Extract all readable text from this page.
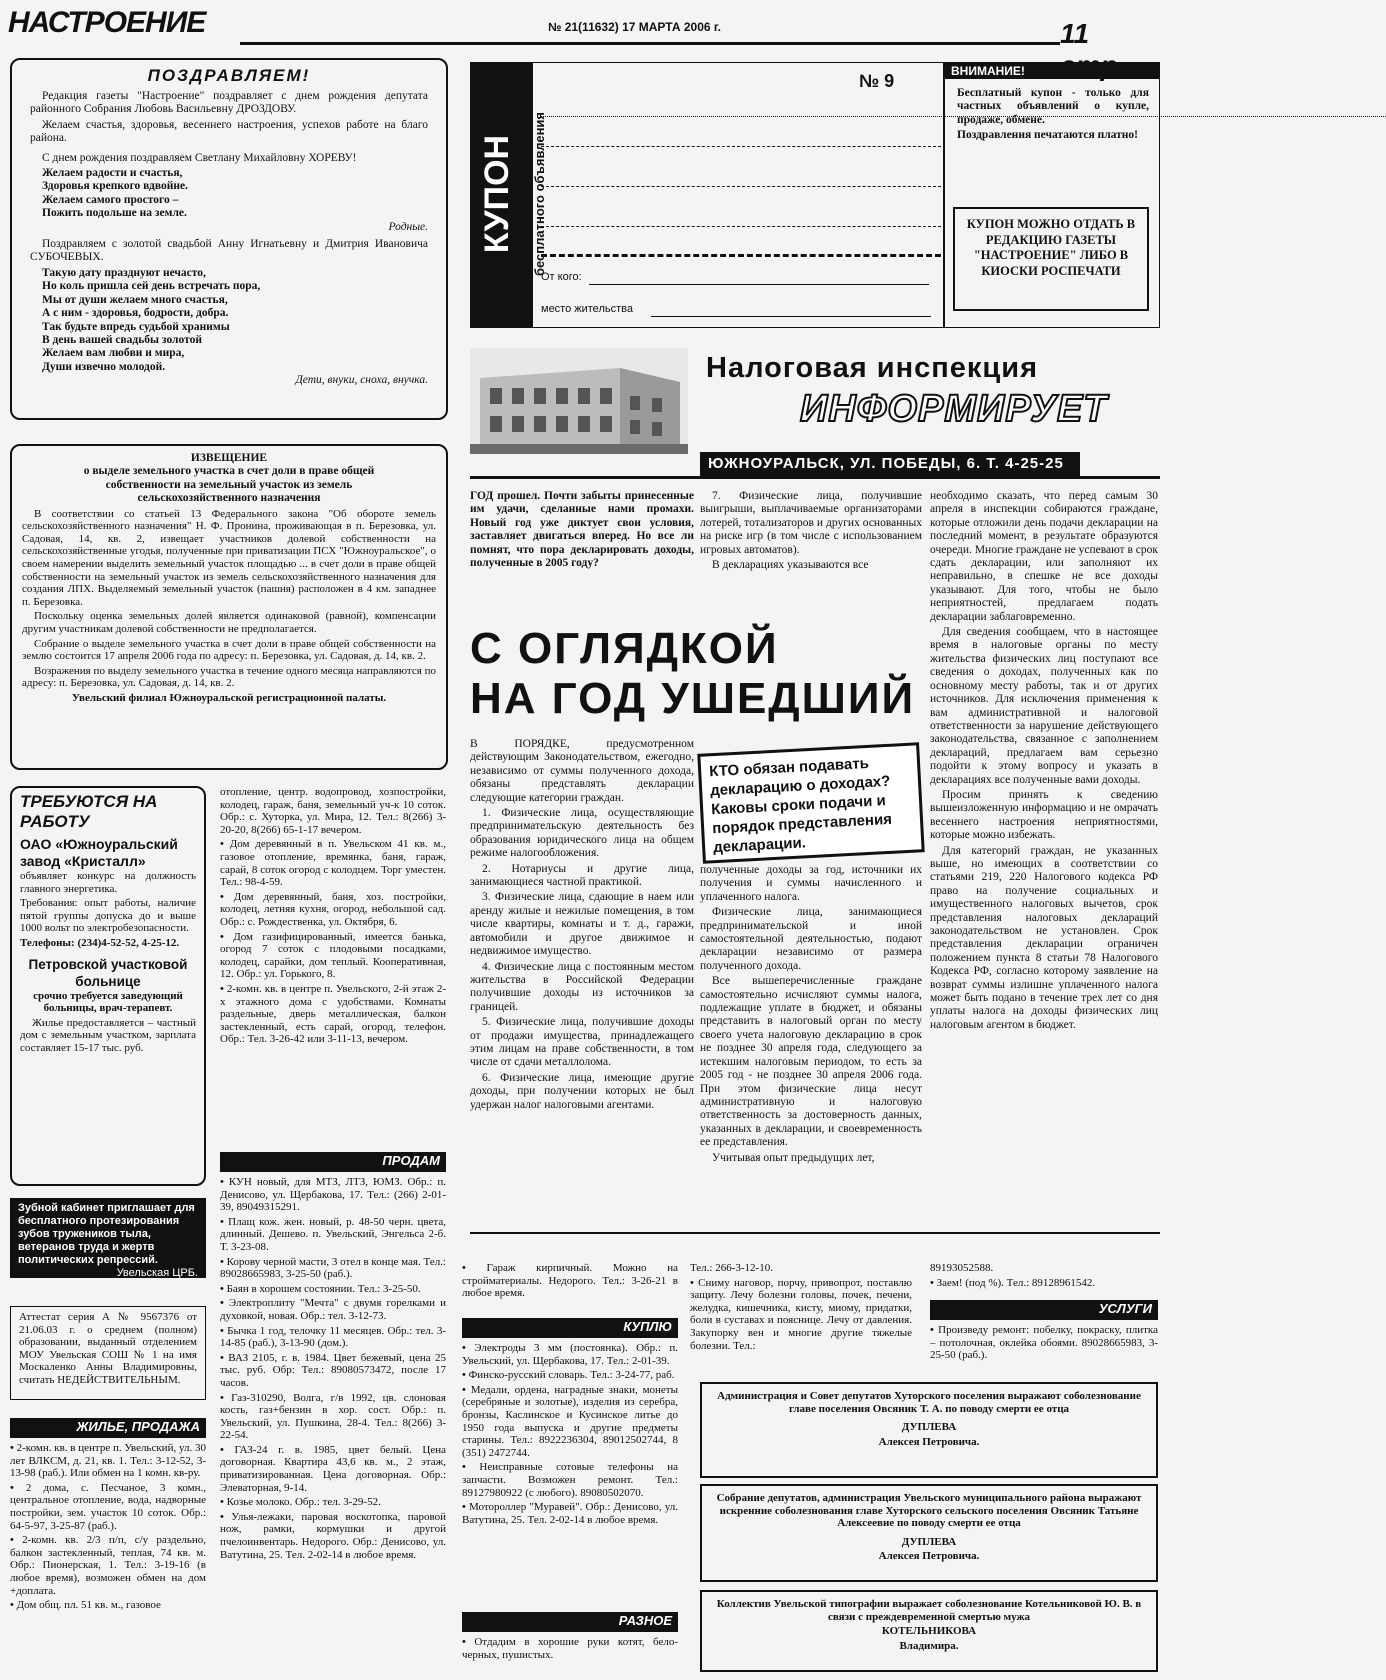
НАСТРОЕНИЕ	№ 21(11632) 17 МАРТА 2006 г.	11
ПОЗДРАВЛЯЕМ!

Редакция газеты "Настроение" поздравляет с днем рождения депутата районного Собрания Любовь Васильевну ДРОЗДОВУ.

Желаем счастья, здоровья, весеннего настроения, успехов работе на благо района.

С днем рождения поздравляем Светлану Михайловну ХОРЕВУ!

Желаем радости и счастья,
Здоровья крепкого вдвойне.
Желаем самого простого –
Пожить подольше на земле.

Родные.

Поздравляем с золотой свадьбой Анну Игнатьевну и Дмитрия Ивановича СУБОЧЕВЫХ.

Такую дату празднуют нечасто,
Но коль пришла сей день встречать пора,
Мы от души желаем много счастья,
А с ним - здоровья, бодрости, добра.
Так будьте впредь судьбой хранимы
В день вашей свадьбы золотой
Желаем вам любви и мира,
Души извечно молодой.

Дети, внуки, сноха, внучка.

ИЗВЕЩЕНИЕ
о выделе земельного участка в счет доли в праве общей собственности на земельный участок из земель сельскохозяйственного назначения

В соответствии со статьей 13 Федерального закона "Об обороте земель сельскохозяйственного назначения" Н. Ф. Пронина, проживающая в п. Березовка, ул. Садовая, 14, кв. 2, извещает участников долевой собственности на сельскохозяйственные угодья, полученные при приватизации ПСХ "Южноуральское", о своем намерении выделить земельный участок площадью ... в счет доли в праве общей собственности на земельный участок из земель сельскохозяйственного назначения для создания ЛПХ. Выделяемый земельный участок (пашня) расположен в 4 км. западнее п. Березовка.

Поскольку оценка земельных долей является одинаковой (равной), компенсации другим участникам долевой собственности не предполагается.

Собрание о выделе земельного участка в счет доли в праве общей собственности на землю состоится 17 апреля 2006 года по адресу: п. Березовка, ул. Садовая, д. 14, кв. 2.

Возражения по выделу земельного участка в течение одного месяца направляются по адресу: п. Березовка, ул. Садовая, д. 14, кв. 2.

Увельский филиал Южноуральской регистрационной палаты.

КУПОН	бесплатного объявления
№ 9
От кого:
место жительства
ВНИМАНИЕ!

Бесплатный купон - только для частных объявлений о купле, продаже, обмене.

Поздравления печатаются платно!

КУПОН МОЖНО ОТДАТЬ В РЕДАКЦИЮ ГАЗЕТЫ "НАСТРОЕНИЕ" ЛИБО В КИОСКИ РОСПЕЧАТИ
Налоговая инспекция
ИНФОРМИРУЕТ
ЮЖНОУРАЛЬСК, УЛ. ПОБЕДЫ, 6. Т. 4-25-25
ГОД прошел. Почти забыты принесенные им удачи, сделанные нами промахи. Новый год уже диктует свои условия, заставляет двигаться вперед. Но все ли помнят, что пора декларировать доходы, полученные в 2005 году?

7. Физические лица, получившие выигрыши, выплачиваемые организаторами лотерей, тотализаторов и других основанных на риске игр (в том числе с использованием игровых автоматов).

В декларациях указываются все

С ОГЛЯДКОЙ
НА ГОД УШЕДШИЙ
КТО обязан подавать декларацию о доходах? Каковы сроки подачи и порядок представления декларации.

В ПОРЯДКЕ, предусмотренном действующим Законодательством, ежегодно, независимо от суммы полученного дохода, обязаны представлять декларации следующие категории граждан.

1. Физические лица, осуществляющие предпринимательскую деятельность без образования юридического лица на общем режиме налогообложения.

2. Нотариусы и другие лица, занимающиеся частной практикой.

3. Физические лица, сдающие в наем или аренду жилые и нежилые помещения, в том числе квартиры, комнаты и т. д., гаражи, автомобили и другое движимое и недвижимое имущество.

4. Физические лица с постоянным местом жительства в Российской Федерации получившие доходы из источников за границей.

5. Физические лица, получившие доходы от продажи имущества, принадлежащего этим лицам на праве собственности, в том числе от сдачи металлолома.

6. Физические лица, имеющие другие доходы, при получении которых не был удержан налог налоговыми агентами.

полученные доходы за год, источники их получения и суммы начисленного и уплаченного налога.

Физические лица, занимающиеся предпринимательской и иной самостоятельной деятельностью, подают декларации независимо от размера полученного дохода.

Все вышеперечисленные граждане самостоятельно исчисляют суммы налога, подлежащие уплате в бюджет, и обязаны представить в налоговый орган по месту своего учета налоговую декларацию в срок не позднее 30 апреля года, следующего за истекшим налоговым периодом, то есть за 2005 год - не позднее 30 апреля 2006 года. При этом физические лица несут административную и налоговую ответственность за достоверность данных, указанных в декларации, и своевременность ее представления.

Учитывая опыт предыдущих лет,

необходимо сказать, что перед самым 30 апреля в инспекции собираются граждане, которые отложили день подачи декларации на последний момент, в результате образуются очереди. Многие граждане не успевают в срок сдать декларации, или заполняют их неправильно, в спешке не все доходы указывают. Для того, чтобы не было неприятностей, предлагаем подать декларации заблаговременно.

Для сведения сообщаем, что в настоящее время в налоговые органы по месту жительства физических лиц поступают все сведения о доходах, полученных как по основному месту работы, так и от других источников. Для исключения применения к вам административной и налоговой ответственности за нарушение действующего законодательства, связанное с заполнением деклараций, предлагаем вам серьезно подойти к этому вопросу и указать в декларациях все полученные вами доходы.

Просим принять к сведению вышеизложенную информацию и не омрачать весеннего настроения неприятностями, которые можно избежать.

Для категорий граждан, не указанных выше, но имеющих в соответствии со статьями 219, 220 Налогового кодекса РФ право на получение социальных и имущественного налоговых вычетов, срок представления налоговых деклараций законодательством не установлен. Срок представления декларации ограничен положением пункта 8 статьи 78 Налогового Кодекса РФ, согласно которому заявление на возврат суммы излишне уплаченного налога может быть подано в течение трех лет со дня уплаты налога на доходы физических лиц налоговым агентом в бюджет.

ТРЕБУЮТСЯ НА РАБОТУ
ОАО «Южноуральский завод «Кристалл»

объявляет конкурс на должность главного энергетика.

Требования: опыт работы, наличие пятой группы допуска до и выше 1000 вольт по электробезопасности.

Телефоны: (234)4-52-52, 4-25-12.

Петровской участковой больнице

срочно требуется заведующий больницы, врач-терапевт.

Жилье предоставляется – частный дом с земельным участком, зарплата составляет 15-17 тыс. руб.

Зубной кабинет приглашает для бесплатного протезирования зубов тружеников тыла, ветеранов труда и жертв политических репрессий.
Увельская ЦРБ.
Аттестат серия А № 9567376 от 21.06.03 г. о среднем (полном) образовании, выданный отделением МОУ Увельская СОШ № 1 на имя Москаленко Анны Владимировны, считать НЕДЕЙСТВИТЕЛЬНЫМ.
ЖИЛЬЕ, ПРОДАЖА

• 2-комн. кв. в центре п. Увельский, ул. 30 лет ВЛКСМ, д. 21, кв. 1. Тел.: 3-12-52, 3-13-98 (раб.). Или обмен на 1 комн. кв-ру.

• 2 дома, с. Песчаное, 3 комн., центральное отопление, вода, надворные постройки, зем. участок 10 соток. Обр.: 64-5-97, 3-25-87 (раб.).

• 2-комн. кв. 2/3 п/п, с/у раздельно, балкон застекленный, теплая, 74 кв. м. Обр.: Пионерская, 1. Тел.: 3-19-16 (в любое время), возможен обмен на дом +доплата.

• Дом общ. пл. 51 кв. м., газовое

отопление, центр. водопровод, хозпостройки, колодец, гараж, баня, земельный уч-к 10 соток. Обр.: с. Хуторка, ул. Мира, 12. Тел.: 8(266) 3-20-20, 8(266) 65-1-17 вечером.

• Дом деревянный в п. Увельском 41 кв. м., газовое отопление, времянка, баня, гараж, сарай, 8 соток огород с колодцем. Торг уместен. Тел.: 98-4-59.

• Дом деревянный, баня, хоз. постройки, колодец, летняя кухня, огород, небольшой сад. Обр.: с. Рождественка, ул. Октября, 6.

• Дом газифицированный, имеется банька, огород 7 соток с плодовыми посадками, колодец, сарайки, дом теплый. Кооперативная, 12. Обр.: ул. Горького, 8.

• 2-комн. кв. в центре п. Увельского, 2-й этаж 2-х этажного дома с удобствами. Комнаты раздельные, дверь металлическая, балкон застекленный, есть сарай, огород, телефон. Обр.: Тел. 3-26-42 или 3-11-13, вечером.

ПРОДАМ

• КУН новый, для МТЗ, ЛТЗ, ЮМЗ. Обр.: п. Денисово, ул. Щербакова, 17. Тел.: (266) 2-01-39, 89049315291.

• Плащ кож. жен. новый, р. 48-50 черн. цвета, длинный. Дешево. п. Увельский, Энгельса 2-б. Т. 3-23-08.

• Корову черной масти, 3 отел в конце мая. Тел.: 89028665983, 3-25-50 (раб.).

• Баян в хорошем состоянии. Тел.: 3-25-50.

• Электроплиту "Мечта" с двумя горелками и духовкой, новая. Обр.: тел. 3-12-73.

• Бычка 1 год, телочку 11 месяцев. Обр.: тел. 3-14-85 (раб.), 3-13-90 (дом.).

• ВАЗ 2105, г. в. 1984. Цвет бежевый, цена 25 тыс. руб. Обр: Тел.: 89080573472, после 17 часов.

• Газ-310290, Волга, г/в 1992, цв. слоновая кость, газ+бензин в хор. сост. Обр.: п. Увельский, ул. Пушкина, 28-4. Тел.: 8(266) 3-22-54.

• ГАЗ-24 г. в. 1985, цвет белый. Цена договорная. Квартира 43,6 кв. м., 2 этаж, приватизированная. Цена договорная. Обр.: Элеваторная, 9-14.

• Козье молоко. Обр.: тел. 3-29-52.

• Улья-лежаки, паровая воскотопка, паровой нож, рамки, кормушки и другой пчелоинвентарь. Недорого. Обр.: Денисово, ул. Ватутина, 25. Тел. 2-02-14 в любое время.

• Гараж кирпичный. Можно на стройматериалы. Недорого. Тел.: 3-26-21 в любое время.

КУПЛЮ

• Электроды 3 мм (постоянка). Обр.: п. Увельский, ул. Щербакова, 17. Тел.: 2-01-39.

• Финско-русский словарь. Тел.: 3-24-77, раб.

• Медали, ордена, наградные знаки, монеты (серебряные и золотые), изделия из серебра, бронзы, Каслинское и Кусинское литье до 1950 года выпуска и другие предметы старины. Тел.: 8922236304, 89012502744, 8 (351) 2472744.

• Неисправные сотовые телефоны на запчасти. Возможен ремонт. Тел.: 89127980922 (с любого). 89080502070.

• Мотороллер "Муравей". Обр.: Денисово, ул. Ватутина, 25. Тел. 2-02-14 в любое время.

РАЗНОЕ

• Отдадим в хорошие руки котят, бело-черных, пушистых.

Тел.: 266-3-12-10.

• Сниму наговор, порчу, привопрот, поставлю защиту. Лечу болезни головы, почек, печени, желудка, кишечника, кисту, миому, придатки, боли в суставах и пояснице. Лечу от давления. Закупорку вен и многие другие тяжелые болезни. Тел.:

89193052588.

• Заем! (под %). Тел.: 89128961542.

УСЛУГИ

• Произведу ремонт: побелку, покраску, плитка – потолочная, оклейка обоями. 89028665983, 3-25-50 (раб.).

Администрация и Совет депутатов Хуторского поселения выражают соболезнование главе поселения Овсяник Т. А. по поводу смерти ее отца

ДУПЛЕВА

Алексея Петровича.

Собрание депутатов, администрация Увельского муниципального района выражают искренние соболезнования главе Хуторского сельского поселения Овсяник Татьяне Алексеевне по поводу смерти ее отца

ДУПЛЕВА

Алексея Петровича.

Коллектив Увельской типографии выражает соболезнование Котельниковой Ю. В. в связи с преждевременной смертью мужа

КОТЕЛЬНИКОВА

Владимира.
